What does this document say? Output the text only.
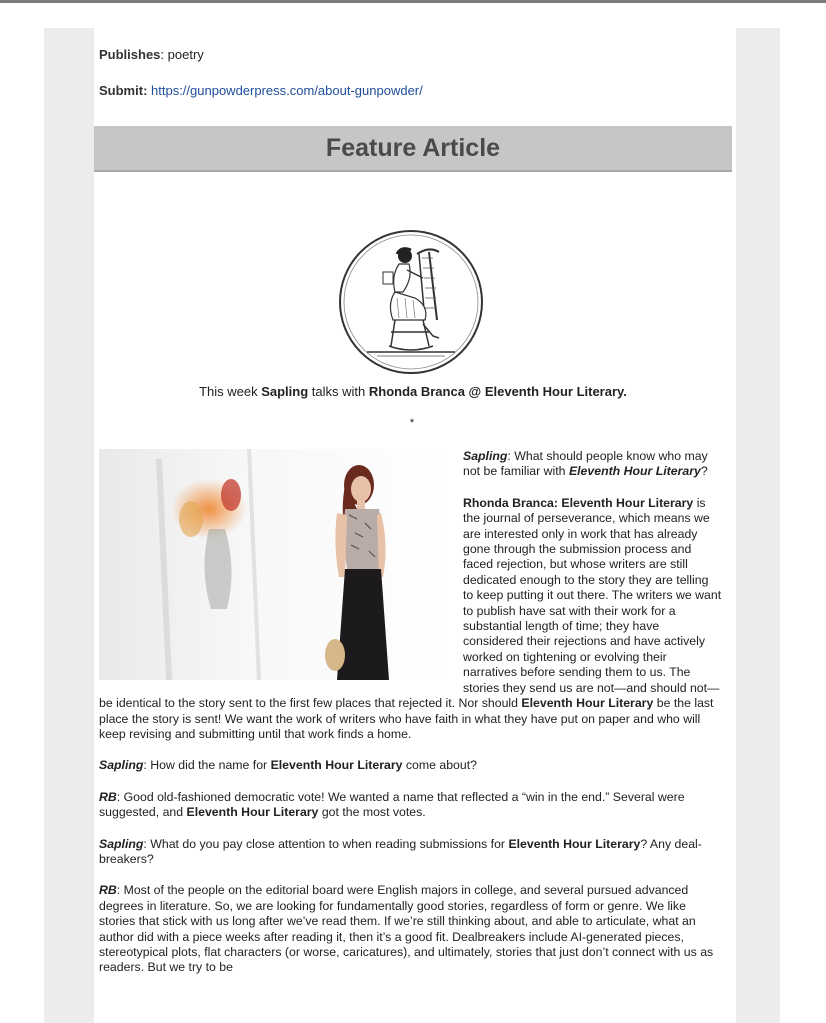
Publishes: poetry
Submit: https://gunpowderpress.com/about-gunpowder/
Feature Article
This week Sapling talks with Rhonda Branca @ Eleventh Hour Literary.
*

Sapling: What should people know who may not be familiar with Eleventh Hour Literary?

Rhonda Branca: Eleventh Hour Literary is the journal of perseverance, which means we are interested only in work that has already gone through the submission process and faced rejection, but whose writers are still dedicated enough to the story they are telling to keep putting it out there. The writers we want to publish have sat with their work for a substantial length of time; they have considered their rejections and have actively worked on tightening or evolving their narratives before sending them to us. The stories they send us are not—and should not—be identical to the story sent to the first few places that rejected it. Nor should Eleventh Hour Literary be the last place the story is sent! We want the work of writers who have faith in what they have put on paper and who will keep revising and submitting until that work finds a home.

Sapling: How did the name for Eleventh Hour Literary come about?

RB: Good old-fashioned democratic vote! We wanted a name that reflected a “win in the end.” Several were suggested, and Eleventh Hour Literary got the most votes.

Sapling: What do you pay close attention to when reading submissions for Eleventh Hour Literary? Any deal-breakers?

RB: Most of the people on the editorial board were English majors in college, and several pursued advanced degrees in literature. So, we are looking for fundamentally good stories, regardless of form or genre. We like stories that stick with us long after we’ve read them. If we’re still thinking about, and able to articulate, what an author did with a piece weeks after reading it, then it’s a good fit. Dealbreakers include AI-generated pieces, stereotypical plots, flat characters (or worse, caricatures), and ultimately, stories that just don’t connect with us as readers. But we try to be
